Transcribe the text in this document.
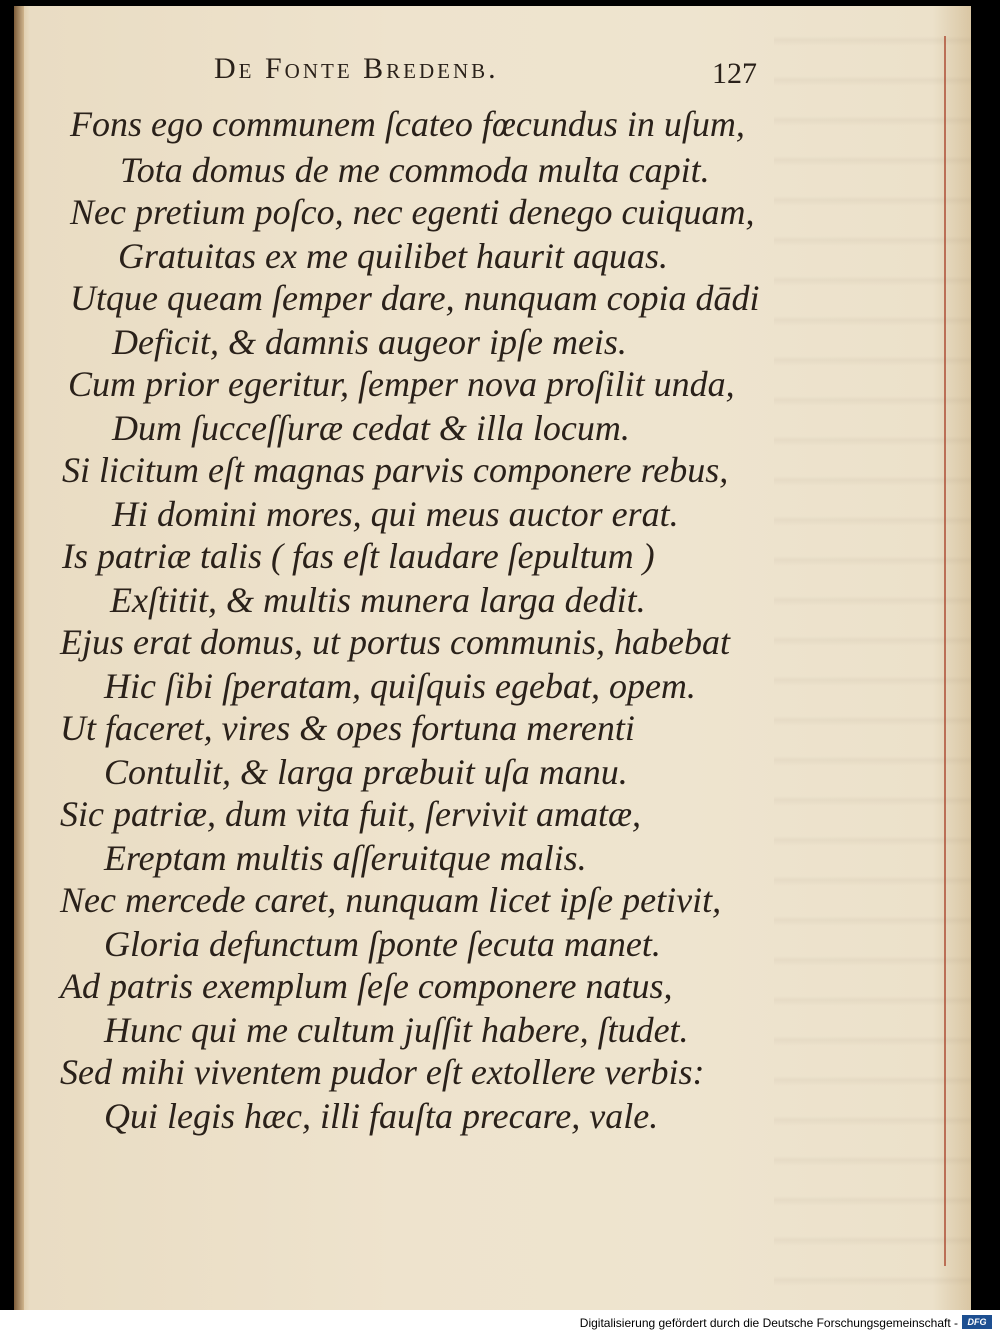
De Fonte Bredenb.	127
Fons ego communem ſcateo fœcundus in uſum,
Tota domus de me commoda multa capit.
Nec pretium poſco, nec egenti denego cuiquam,
Gratuitas ex me quilibet haurit aquas.
Utque queam ſemper dare, nunquam copia dādi
Deficit, & damnis augeor ipſe meis.
Cum prior egeritur, ſemper nova proſilit unda,
Dum ſucceſſuræ cedat & illa locum.
Si licitum eſt magnas parvis componere rebus,
Hi domini mores, qui meus auctor erat.
Is patriæ talis ( fas eſt laudare ſepultum )
Exſtitit, & multis munera larga dedit.
Ejus erat domus, ut portus communis, habebat
Hic ſibi ſperatam, quiſquis egebat, opem.
Ut faceret, vires & opes fortuna merenti
Contulit, & larga præbuit uſa manu.
Sic patriæ, dum vita fuit, ſervivit amatæ,
Ereptam multis aſſeruitque malis.
Nec mercede caret, nunquam licet ipſe petivit,
Gloria defunctum ſponte ſecuta manet.
Ad patris exemplum ſeſe componere natus,
Hunc qui me cultum juſſit habere, ſtudet.
Sed mihi viventem pudor eſt extollere verbis:
Qui legis hæc, illi fauſta precare, vale.
Digitalisierung gefördert durch die Deutsche Forschungsgemeinschaft -	DFG
